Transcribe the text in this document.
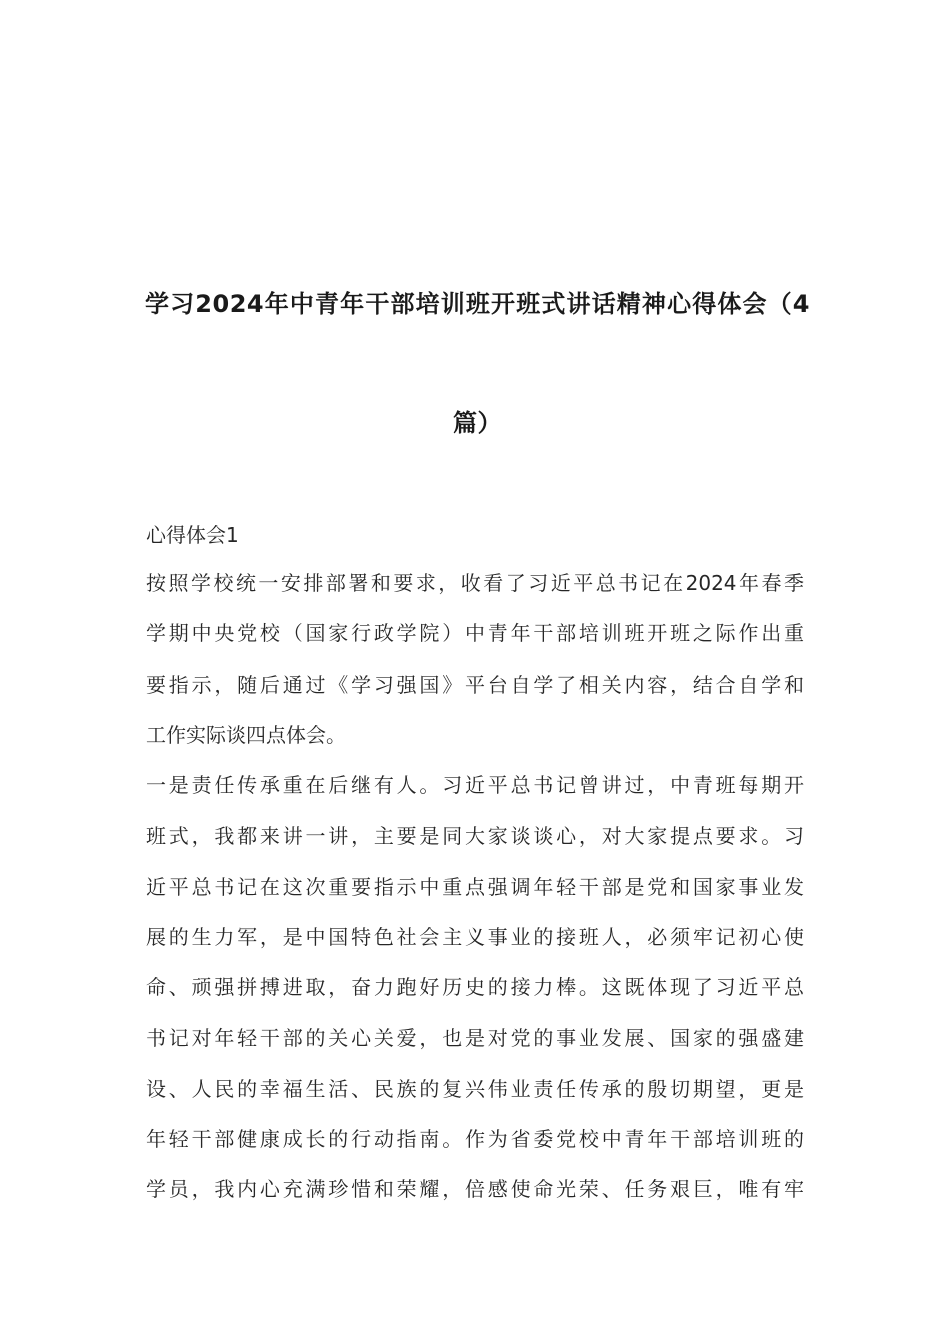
学习2024年中青年干部培训班开班式讲话精神心得体会（4
篇）
心得体会1
按照学校统一安排部署和要求，收看了习近平总书记在2024年春季
学期中央党校（国家行政学院）中青年干部培训班开班之际作出重
要指示，随后通过《学习强国》平台自学了相关内容，结合自学和
工作实际谈四点体会。
一是责任传承重在后继有人。习近平总书记曾讲过，中青班每期开
班式，我都来讲一讲，主要是同大家谈谈心，对大家提点要求。习
近平总书记在这次重要指示中重点强调年轻干部是党和国家事业发
展的生力军，是中国特色社会主义事业的接班人，必须牢记初心使
命、顽强拼搏进取，奋力跑好历史的接力棒。这既体现了习近平总
书记对年轻干部的关心关爱，也是对党的事业发展、国家的强盛建
设、人民的幸福生活、民族的复兴伟业责任传承的殷切期望，更是
年轻干部健康成长的行动指南。作为省委党校中青年干部培训班的
学员，我内心充满珍惜和荣耀，倍感使命光荣、任务艰巨，唯有牢
